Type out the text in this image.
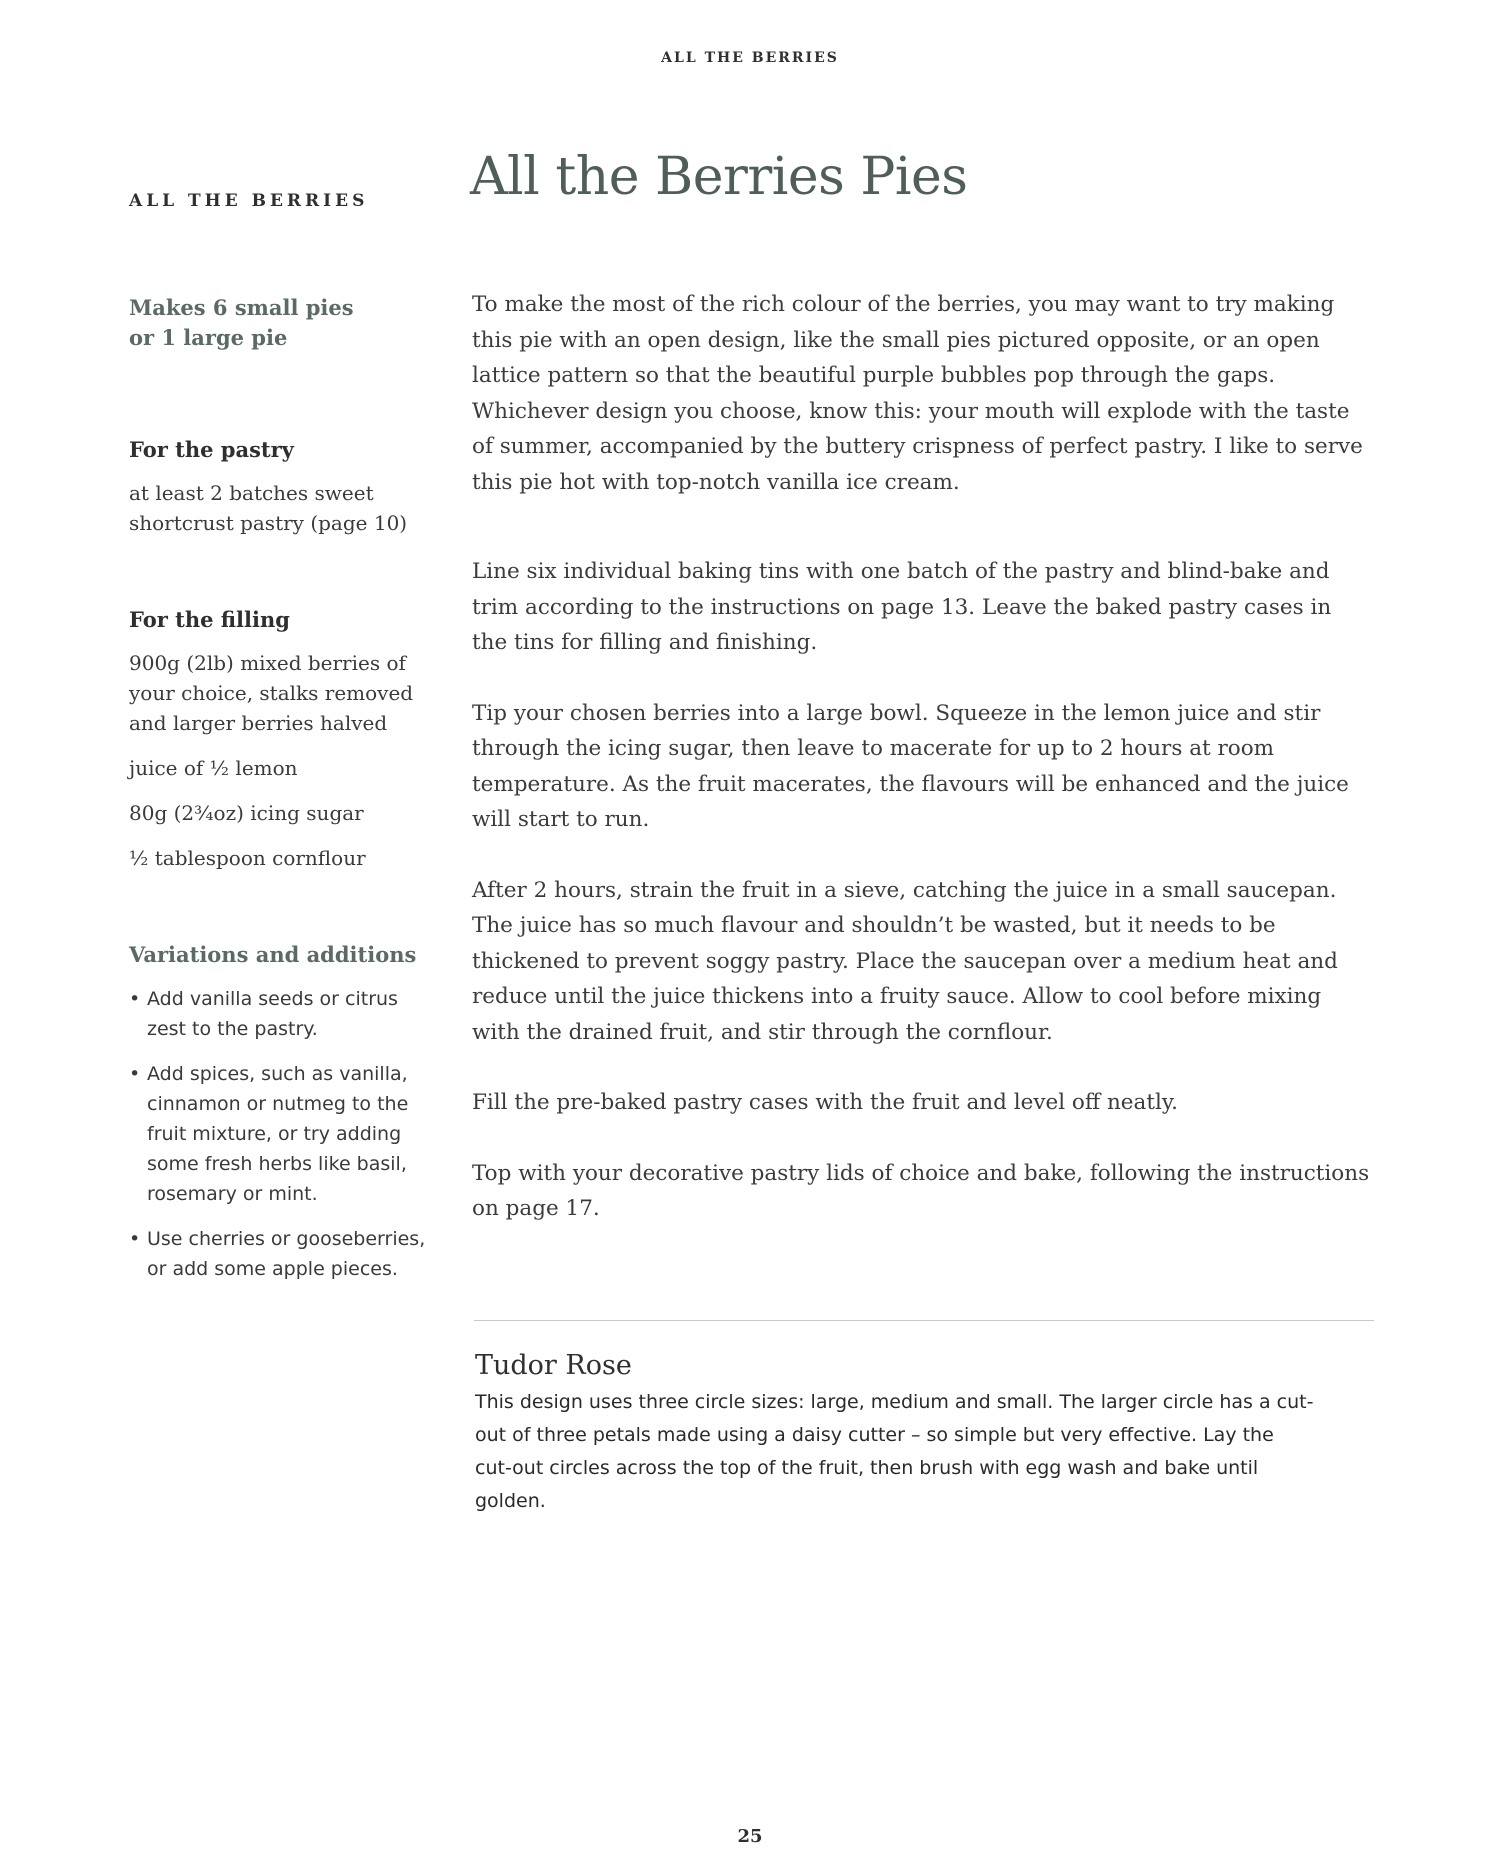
ALL THE BERRIES
ALL THE BERRIES All the Berries Pies

Makes 6 small pies
or 1 large pie

For the pastry

at least 2 batches sweet shortcrust pastry (page 10)

For the filling

900g (2lb) mixed berries of your choice, stalks removed and larger berries halved

juice of ½ lemon

80g (2¾oz) icing sugar

½ tablespoon cornflour

Variations and additions
• Add vanilla seeds or citrus zest to the pastry.
• Add spices, such as vanilla, cinnamon or nutmeg to the fruit mixture, or try adding some fresh herbs like basil, rosemary or mint.
• Use cherries or gooseberries, or add some apple pieces.

To make the most of the rich colour of the berries, you may want to try making this pie with an open design, like the small pies pictured opposite, or an open lattice pattern so that the beautiful purple bubbles pop through the gaps. Whichever design you choose, know this: your mouth will explode with the taste of summer, accompanied by the buttery crispness of perfect pastry. I like to serve this pie hot with top-notch vanilla ice cream.

Line six individual baking tins with one batch of the pastry and blind-bake and trim according to the instructions on page 13. Leave the baked pastry cases in the tins for filling and finishing.

Tip your chosen berries into a large bowl. Squeeze in the lemon juice and stir through the icing sugar, then leave to macerate for up to 2 hours at room temperature. As the fruit macerates, the flavours will be enhanced and the juice will start to run.

After 2 hours, strain the fruit in a sieve, catching the juice in a small saucepan. The juice has so much flavour and shouldn’t be wasted, but it needs to be thickened to prevent soggy pastry. Place the saucepan over a medium heat and reduce until the juice thickens into a fruity sauce. Allow to cool before mixing with the drained fruit, and stir through the cornflour.

Fill the pre-baked pastry cases with the fruit and level off neatly.

Top with your decorative pastry lids of choice and bake, following the instructions on page 17.

Tudor Rose

This design uses three circle sizes: large, medium and small. The larger circle has a cut-out of three petals made using a daisy cutter – so simple but very effective. Lay the cut-out circles across the top of the fruit, then brush with egg wash and bake until golden.

25
